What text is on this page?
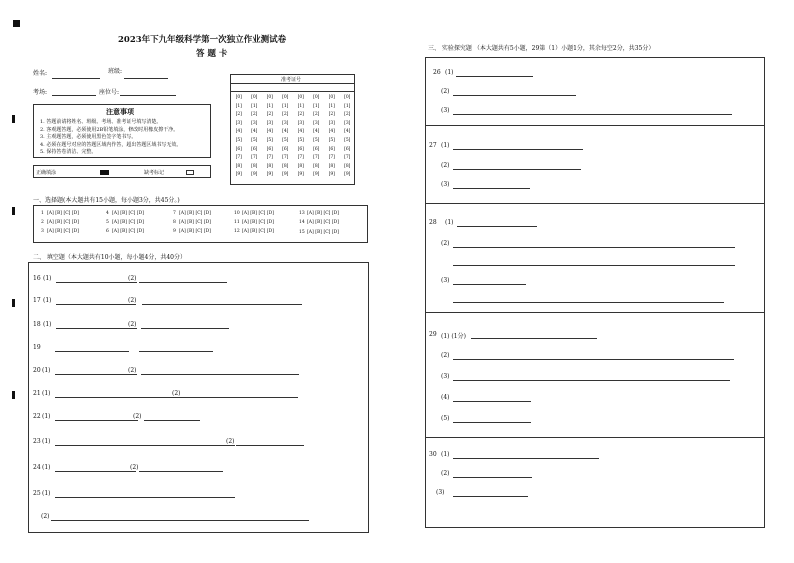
2023年下九年级科学第一次独立作业测试卷
答 题 卡
姓名:	班级:
考场:	座位号:
注意事项
1. 答题前请将姓名、班级、考场、准考证号填写清楚。
2. 客观题答题，必须使用2B铅笔填涂，修改时用橡皮擦干净。
3. 主观题答题，必须使用黑色签字笔书写。
4. 必须在题号对应的答题区域内作答，超出答题区域书写无效。
5. 保持答卷清洁、完整。
正确填涂	缺考标记
准考证号
[0]	[0]	[0]	[0]	[0]	[0]	[0]	[0]
[1]	[1]	[1]	[1]	[1]	[1]	[1]	[1]
[2]	[2]	[2]	[2]	[2]	[2]	[2]	[2]
[3]	[3]	[3]	[3]	[3]	[3]	[3]	[3]
[4]	[4]	[4]	[4]	[4]	[4]	[4]	[4]
[5]	[5]	[5]	[5]	[5]	[5]	[5]	[5]
[6]	[6]	[6]	[6]	[6]	[6]	[6]	[6]
[7]	[7]	[7]	[7]	[7]	[7]	[7]	[7]
[8]	[8]	[8]	[8]	[8]	[8]	[8]	[8]
[9]	[9]	[9]	[9]	[9]	[9]	[9]	[9]
一、选择题(本大题共有15小题，每小题3分，共45分。)
1 [A] [B] [C] [D]
2 [A] [B] [C] [D]
3 [A] [B] [C] [D]
4 [A] [B] [C] [D]
5 [A] [B] [C] [D]
6 [A] [B] [C] [D]
7 [A] [B] [C] [D]
8 [A] [B] [C] [D]
9 [A] [B] [C] [D]
10 [A] [B] [C] [D]
11 [A] [B] [C] [D]
12 [A] [B] [C] [D]
13 [A] [B] [C] [D]
14 [A] [B] [C] [D]
15 [A] [B] [C] [D]
二、 填空题（本大题共有10小题，每小题4分，共40分）
16 (1)	(2)
17 (1)	(2)
18 (1)	(2)
19
20 (1)	(2)
21 (1)	(2)
22 (1)	(2)
23 (1)	(2)
24 (1)	(2)
25 (1)
(2)
三、 实验探究题 （本大题共有5小题，29第（1）小题1分，其余每空2分，共35分）
26 (1)
(2)
(3)
27 (1)
(2)
(3)
28 (1)
(2)
(3)
29 (1) (1分)
(2)
(3)
(4)
(5)
30 (1)
(2)
(3)
